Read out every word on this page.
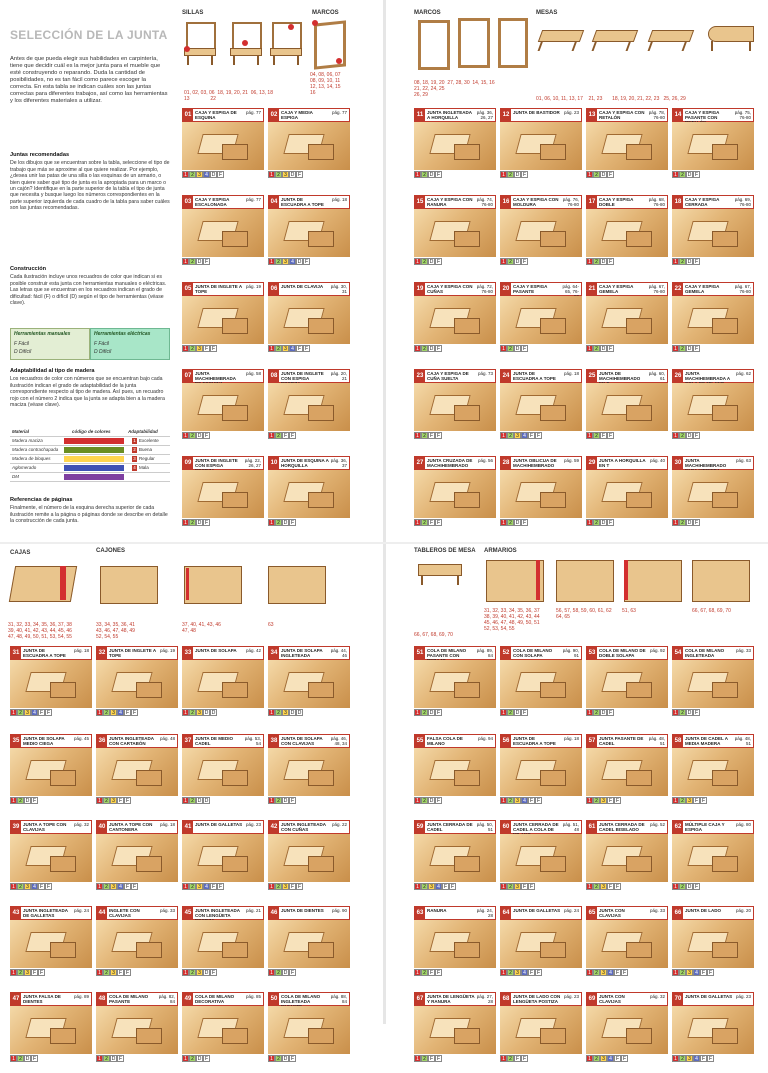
SELECCIÓN DE LA JUNTA
Antes de que pueda elegir sus habilidades en carpintería, tiene que decidir cuál es la mejor junta para el mueble que esté construyendo o reparando. Duda la cantidad de posibilidades, no es tan fácil como parece escoger la correcta. En esta tabla se indican cuáles son las juntas correctas para diferentes trabajos, así como las herramientas y los diferentes materiales a utilizar.
Juntas recomendadas
De los dibujos que se encuentran sobre la tabla, seleccione el tipo de trabajo que más se aproxime al que quiere realizar. Por ejemplo, ¿desea unir las patas de una silla o las esquinas de un armario, o bien quiere saber qué tipo de junta es la apropiada para un marco o un cajón? Identifique en la parte superior de la tabla el tipo de junta que necesita y busque luego los números correspondientes en la parte superior izquierda de cada cuadro de la tabla para saber cuáles son las juntas recomendadas.
Construcción
Cada ilustración incluye unos recuadros de color que indican si es posible construir esta junta con herramientas manuales o eléctricas. Las letras que se encuentran en los recuadros indican el grado de dificultad: fácil (F) o difícil (D) según el tipo de herramientas (véase clave).
Herramientas manuales
F Fácil
D Difícil
Herramientas eléctricas
F Fácil
D Difícil
Adaptabilidad al tipo de madera
Los recuadros de color con números que se encuentran bajo cada ilustración indican el grado de adaptabilidad de la junta correspondiente respecto al tipo de madera. Así pues, un recuadro rojo con el número 2 indica que la junta se adapta bien a la madera maciza (véase clave).
Material	código de colores	Adaptabilidad
Madera maciza	1 Excelente
Madera contrachapada	2 Buena
Madera de bloques	3 Regular
Aglomerado	4 Mala
DM
Referencias de páginas
Finalmente, el número de la esquina derecha superior de cada ilustración remite a la página o páginas donde se describe en detalle la construcción de cada junta.
SILLAS	MARCOS	MARCOS	MESAS
CAJAS	CAJONES	TABLEROS DE MESA ARMARIOS
01, 02, 03, 06 18, 19, 20, 21 06, 13, 18
13	22
04, 08, 06, 07
08, 09, 10, 11
12, 13, 14, 15
16
08, 18, 19, 20 27, 28, 30 14, 15, 16
21, 22, 24, 25
26, 29
01, 06, 10, 11, 13, 17 21, 23 18, 19, 20, 21, 22, 23 25, 26, 29
31, 32, 33, 34, 35, 36, 37, 38
39, 40, 41, 42, 43, 44, 45, 46
47, 48, 49, 50, 51, 53, 54, 55
33, 34, 35, 36, 41
43, 46, 47, 48, 49
52, 54, 55
37, 40, 41, 43, 46
47, 48
63
66, 67, 68, 69, 70
31, 32, 33, 34, 35, 36, 37
38, 39, 40, 41, 42, 43, 44
45, 46, 47, 48, 49, 50, 51
52, 53, 54, 55
56, 57, 58, 59, 60, 61, 62
64, 65
51, 63	66, 67, 68, 69, 70
01 CAJA Y ESPIGA DE ESQUINA
pág. 77
1 2 3 4 D F
02 CAJA Y MEDIA ESPIGA
pág. 77
1 2 3 D F
03 CAJA Y ESPIGA ESCALONADA
pág. 77
1 2 D F
04 JUNTA DE ESCUADRA A TOPE
pág. 18
1 2 3 4 D F
05 JUNTA DE INGLETE A TOPE
pág. 19
1 2 3 F F
06 JUNTA DE CLAVIJA	pág. 30, 31
1 2 3 4 F F
07 JUNTA MACHIHEMBRADA
pág. 58
1 2 D F
08 JUNTA DE INGLETE CON ESPIGA
pág. 20, 21
1 2 F F
09 JUNTA DE INGLETE CON ESPIGA
pág. 22, 26, 27
1 2 D F
10 JUNTA DE ESQUINA A HORQUILLA
pág. 36, 37
1 2 D F
11 JUNTA INGLETEADA A HORQUILLA
pág. 36, 26, 27
1 2 D F
12 JUNTA DE BASTIDOR pág. 23
1 2 D F
13 CAJA Y ESPIGA CON RETALÓN
pág. 78, 76-80
1 2 D F
14 CAJA Y ESPIGA PASANTE CON
pág. 75, 76-80
1 2 D F
15 CAJA Y ESPIGA CON RANURA
pág. 74, 76-80
1 2 D F
16 CAJA Y ESPIGA CON MOLDURA
pág. 76, 76-80
1 2 D F
17 CAJA Y ESPIGA DOBLE
pág. 68, 76-80
1 2 D F
18 CAJA Y ESPIGA CERRADA
pág. 69, 76-80
1 2 D F
19 CAJA Y ESPIGA CON CUÑAS
pág. 72, 76-80
1 2 D F
20 CAJA Y ESPIGA PASANTE
pág. 64-65, 76-
1 2 D F
21 CAJA Y ESPIGA GEMELA
pág. 67, 76-80
1 2 D F
22 CAJA Y ESPIGA GEMELA
pág. 67, 76-80
1 2 D F
23 CAJA Y ESPIGA DE CUÑA SUELTA
pág. 73
1 2 F F
24 JUNTA DE ESCUADRA A TOPE
pág. 18
1 2 3 4 F F
25 JUNTA DE MACHIHEMBRADO
pág. 60, 61
1 2 F F
26 JUNTA MACHIHEMBRADA A
pág. 62
1 2 D F
27 JUNTA CRUZADA DE MACHIHEMBRADO
pág. 56
1 2 F F
28 JUNTA OBLICUA DE MACHIHEMBRADO
pág. 59
1 2 D F
29 JUNTA A HORQUILLA EN T
pág. 40
1 2 D F
30 JUNTA MACHIHEMBRADO
pág. 63
1 2 D F
31 JUNTA DE ESCUADRA A TOPE
pág. 18
1 2 3 4 F F
32 JUNTA DE INGLETE A TOPE
pág. 19
1 2 3 4 F F
33 JUNTA DE SOLAPA	pág. 42
1 2 3 D D
34 JUNTA DE SOLAPA INGLETEADA
pág. 44, 46
1 2 3 D D
35 JUNTA DE SOLAPA MEDIO CIEGA
pág. 45
1 2 D F
36 JUNTA INGLETEADA CON CARTABÓN
pág. 48
1 2 3 F F
37 JUNTA DE MEDIO CADEL
pág. 53, 54
1 2 D D
38 JUNTA DE SOLAPA CON CLAVIJAS
pág. 46, 48, 34
1 2 D F
39 JUNTA A TOPE CON CLAVIJAS
pág. 32
1 2 3 4 F F
40 JUNTA A TOPE CON CANTONERA
pág. 18
1 2 3 4 F F
41 JUNTA DE GALLETAS pág. 23
1 2 3 4 F F
42 JUNTA INGLETEADA CON CUÑAS
pág. 22
1 2 3 F F
43 JUNTA INGLETEADA DE GALLETAS
pág. 24
1 2 3 F F
44 INGLETE CON CLAVIJAS
pág. 33
1 2 3 F F
45 JUNTA INGLETEADA CON LENGÜETA
pág. 21
1 2 3 D F
46 JUNTA DE DIENTES	pág. 90
1 2 D F
47 JUNTA FALSA DE DIENTES
pág. 89
1 2 D F
48 COLA DE MILANO PASANTE
pág. 82, 84
1 2 D F
49 COLA DE MILANO DECORATIVA
pág. 85
1 2 D F
50 COLA DE MILANO INGLETEADA
pág. 88, 84
1 2 D F
51 COLA DE MILANO PASANTE CON
pág. 89, 84
1 2 D F
52 COLA DE MILANO CON SOLAPA
pág. 90, 91
1 2 D F
53 COLA DE MILANO DE DOBLE SOLAPA
pág. 92
1 2 D F
54 COLA DE MILANO INGLETEADA
pág. 33
1 2 D F
55 FALSA COLA DE MILANO
pág. 94
1 2 D F
56 JUNTA DE ESCUADRA A TOPE
pág. 18
1 2 3 4 F F
57 JUNTA PASANTE DE CADEL
pág. 48, 51
1 2 3 F F
58 JUNTA DE CADEL A MEDIA MADERA
pág. 48, 51
1 2 3 F F
59 JUNTA CERRADA DE CADEL
pág. 50, 51
1 2 3 4 F F
60 JUNTA CERRADA DE CADEL A COLA DE
pág. 51, 48
1 2 3 F F
61 JUNTA CERRADA DE CADEL BISELADO
pág. 52
1 2 3 F F
62 MÚLTIPLE CAJA Y ESPIGA
pág. 80
1 2 D F
63 RANURA	pág. 24, 28
1 2 F F
64 JUNTA DE GALLETAS pág. 24
1 2 3 4 F F
65 JUNTA CON CLAVIJAS
pág. 33
1 2 3 4 F F
66 JUNTA DE LADO	pág. 20
1 2 3 4 F F
67 JUNTA DE LENGÜETA Y RANURA
pág. 27, 28
1 2 F F
68 JUNTA DE LADO CON LENGÜETA POSTIZA
pág. 23
1 2 F F
69 JUNTA CON CLAVIJAS
pág. 32
1 2 3 4 F F
70 JUNTA DE GALLETAS pág. 23
1 2 3 4 F F
